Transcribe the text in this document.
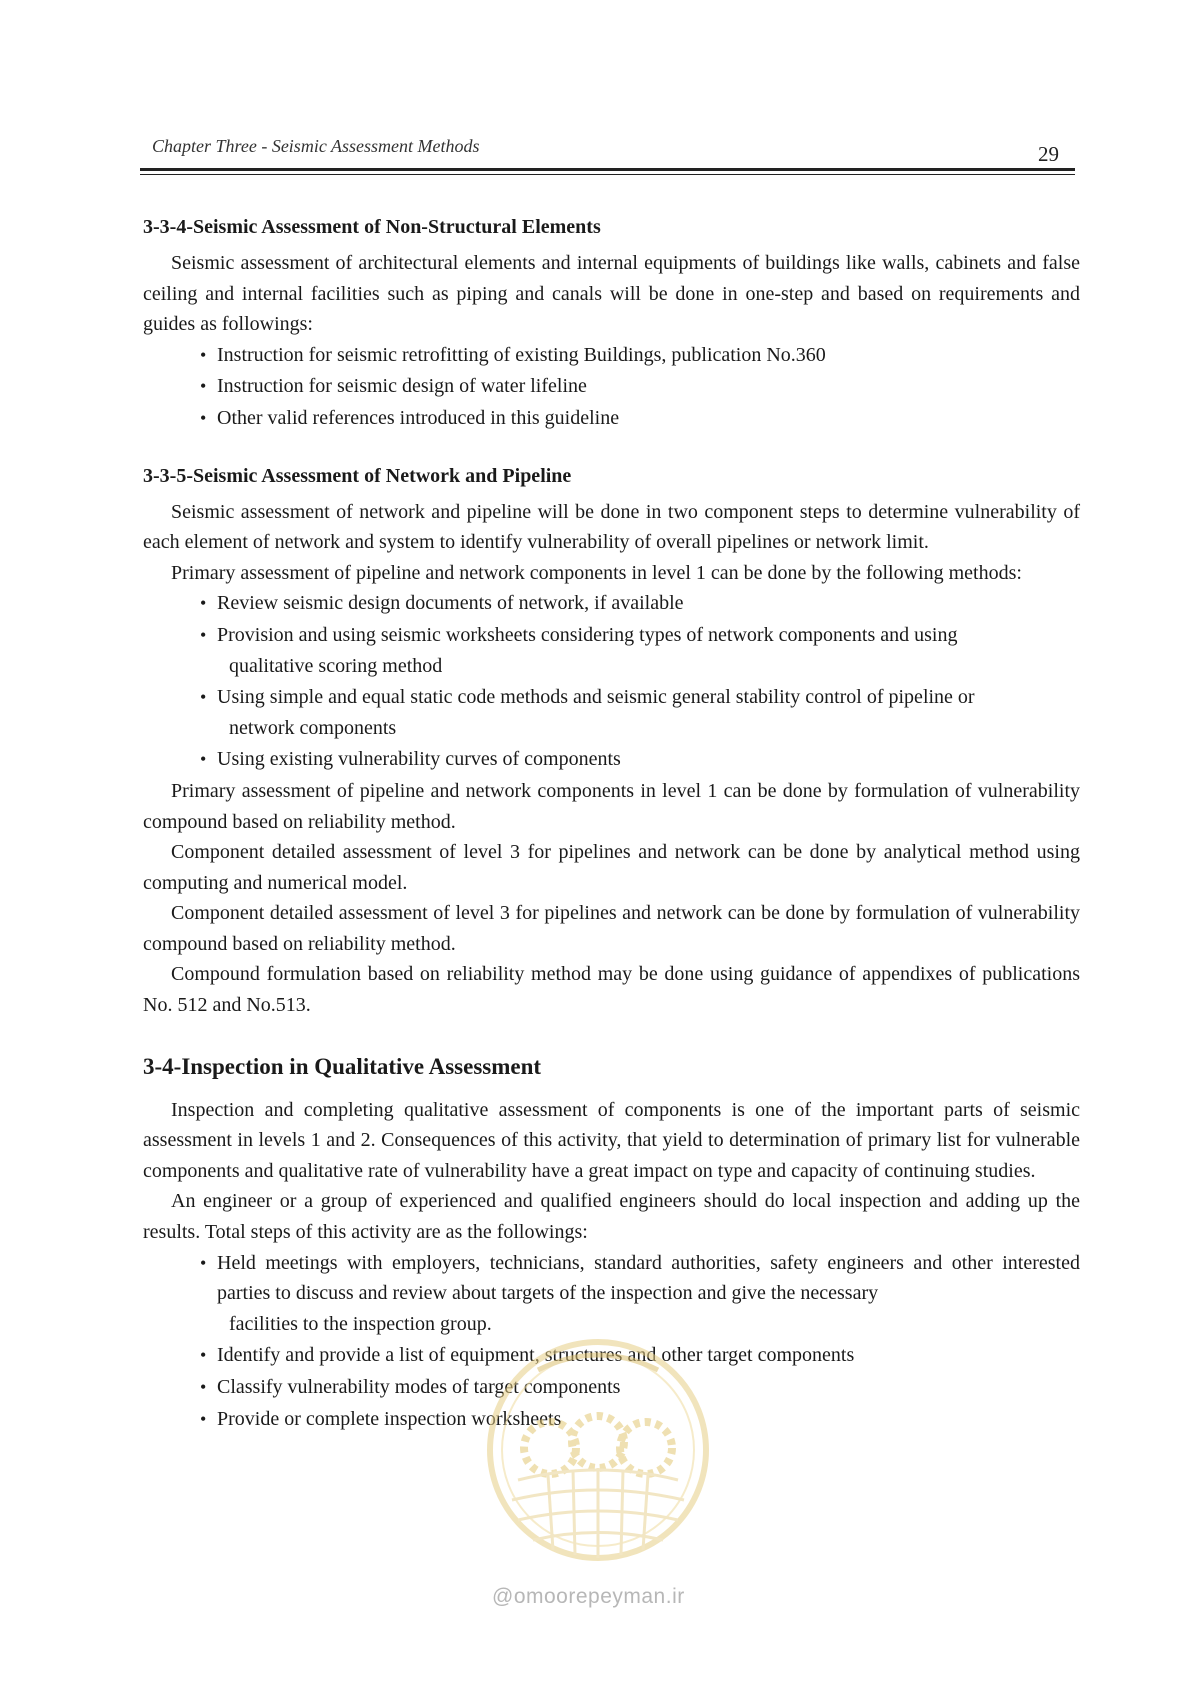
Chapter Three - Seismic Assessment Methods	29
3-3-4-Seismic Assessment of Non-Structural Elements

Seismic assessment of architectural elements and internal equipments of buildings like walls, cabinets and false ceiling and internal facilities such as piping and canals will be done in one-step and based on requirements and guides as followings:

• Instruction for seismic retrofitting of existing Buildings, publication No.360
• Instruction for seismic design of water lifeline
• Other valid references introduced in this guideline
3-3-5-Seismic Assessment of Network and Pipeline

Seismic assessment of network and pipeline will be done in two component steps to determine vulnerability of each element of network and system to identify vulnerability of overall pipelines or network limit.

Primary assessment of pipeline and network components in level 1 can be done by the following methods:

• Review seismic design documents of network, if available
• Provision and using seismic worksheets considering types of network components and using
qualitative scoring method
• Using simple and equal static code methods and seismic general stability control of pipeline or
network components
• Using existing vulnerability curves of components

Primary assessment of pipeline and network components in level 1 can be done by formulation of vulnerability compound based on reliability method.

Component detailed assessment of level 3 for pipelines and network can be done by analytical method using computing and numerical model.

Component detailed assessment of level 3 for pipelines and network can be done by formulation of vulnerability compound based on reliability method.

Compound formulation based on reliability method may be done using guidance of appendixes of publications No. 512 and No.513.

3-4-Inspection in Qualitative Assessment

Inspection and completing qualitative assessment of components is one of the important parts of seismic assessment in levels 1 and 2. Consequences of this activity, that yield to determination of primary list for vulnerable components and qualitative rate of vulnerability have a great impact on type and capacity of continuing studies.

An engineer or a group of experienced and qualified engineers should do local inspection and adding up the results. Total steps of this activity are as the followings:

• Held meetings with employers, technicians, standard authorities, safety engineers and other interested parties to discuss and review about targets of the inspection and give the necessary
facilities to the inspection group.
• Identify and provide a list of equipment, structures and other target components
• Classify vulnerability modes of target components
• Provide or complete inspection worksheets
@omoorepeyman.ir
